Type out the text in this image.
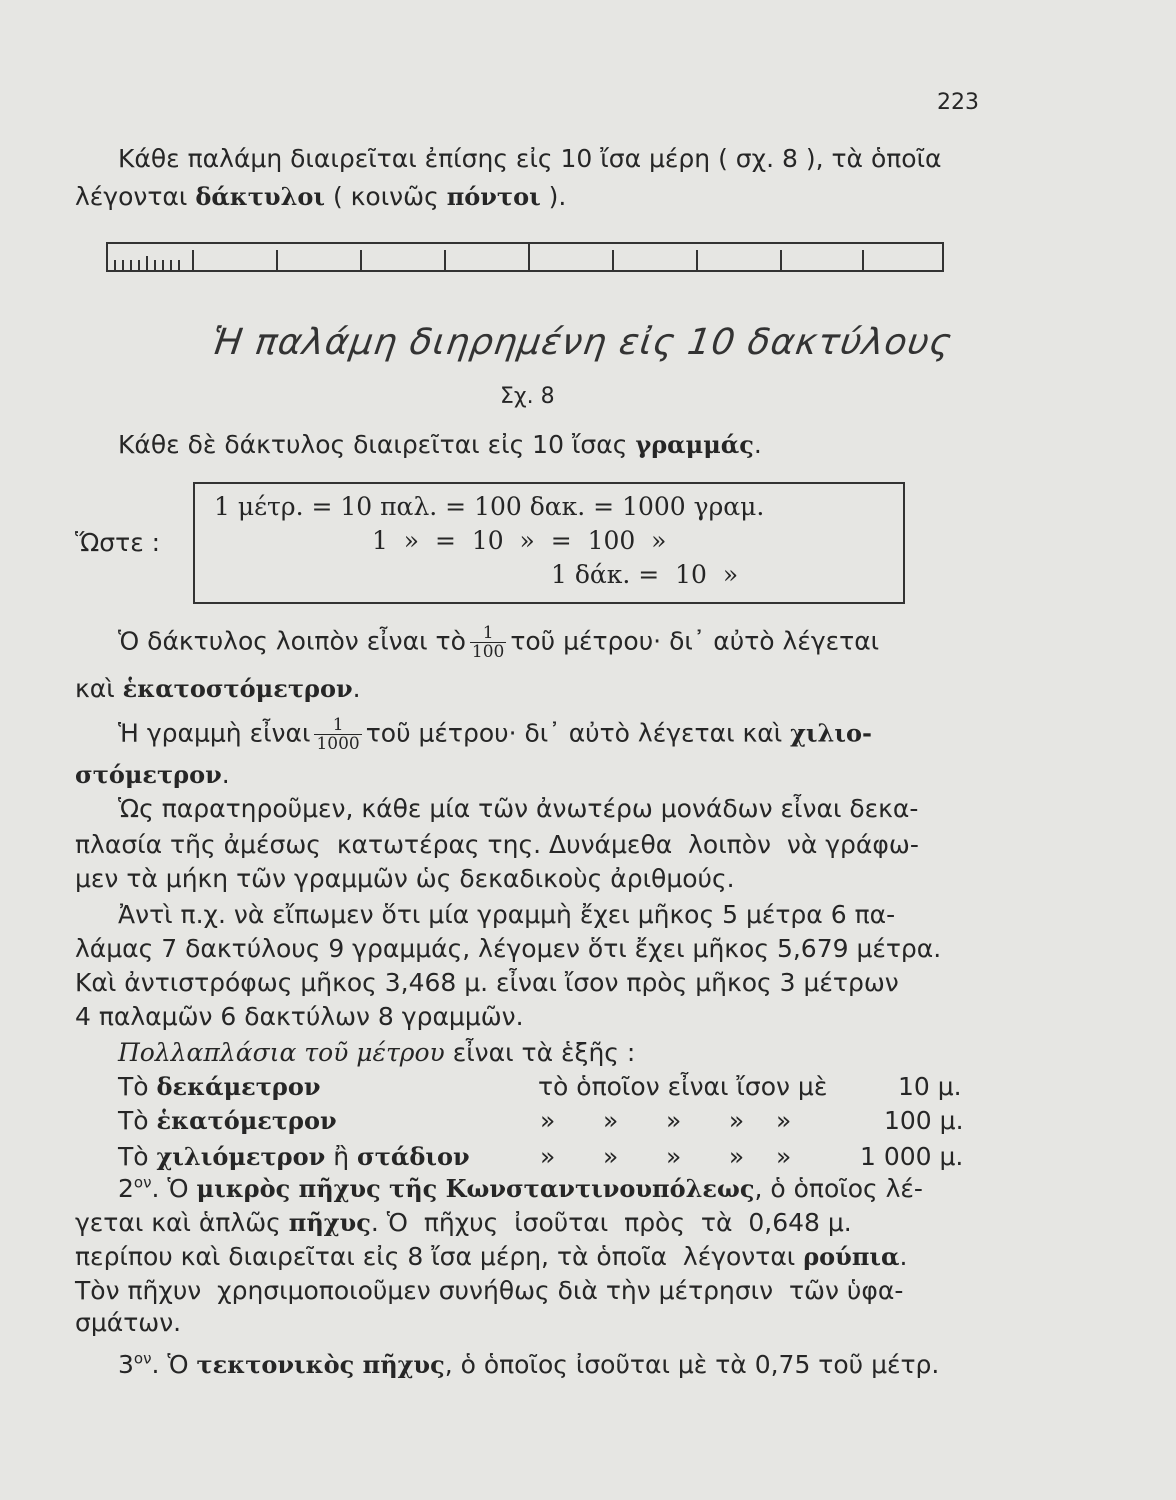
223
Κάθε παλάμη διαιρεῖται ἐπίσης εἰς 10 ἴσα μέρη ( σχ. 8 ), τὰ ὁποῖα
λέγονται δάκτυλοι ( κοινῶς πόντοι ).
Ἡ παλάμη διηρημένη εἰς 10 δακτύλους
Σχ. 8
Κάθε δὲ δάκτυλος διαιρεῖται εἰς 10 ἴσας γραμμάς.
Ὥστε :
1 μέτρ. = 10 παλ. = 100 δακ. = 1000 γραμ.
1  »  =  10  »  =  100  »
1 δάκ. =  10  »
Ὁ δάκτυλος λοιπὸν εἶναι τὸ $\frac{1}{100}$ τοῦ μέτρου· δι᾽ αὐτὸ λέγεται
καὶ ἑκατοστόμετρον.
Ἡ γραμμὴ εἶναι $\frac{1}{1000}$ τοῦ μέτρου· δι᾽ αὐτὸ λέγεται καὶ χιλιο-
στόμετρον.
Ὡς παρατηροῦμεν, κάθε μία τῶν ἀνωτέρω μονάδων εἶναι δεκα-
πλασία τῆς ἀμέσως  κατωτέρας της. Δυνάμεθα  λοιπὸν  νὰ γράφω-
μεν τὰ μήκη τῶν γραμμῶν ὡς δεκαδικοὺς ἀριθμούς.
Ἀντὶ π.χ. νὰ εἴπωμεν ὅτι μία γραμμὴ ἔχει μῆκος 5 μέτρα 6 πα-
λάμας 7 δακτύλους 9 γραμμάς, λέγομεν ὅτι ἔχει μῆκος 5,679 μέτρα.
Καὶ ἀντιστρόφως μῆκος 3,468 μ. εἶναι ἴσον πρὸς μῆκος 3 μέτρων
4 παλαμῶν 6 δακτύλων 8 γραμμῶν.
Πολλαπλάσια τοῦ μέτρου εἶναι τὰ ἑξῆς :
Τὸ δεκάμετρον	τὸ ὁποῖον εἶναι ἴσον μὲ	10 μ.
Τὸ ἑκατόμετρον	»      »      »      »    »	100 μ.
Τὸ χιλιόμετρον ἢ στάδιον	»      »      »      »    »	1 000 μ.
$2^{o\nu}$. Ὁ μικρὸς πῆχυς τῆς Κωνσταντινουπόλεως, ὁ ὁποῖος λέ-
γεται καὶ ἁπλῶς πῆχυς. Ὁ  πῆχυς  ἰσοῦται  πρὸς  τὰ  0,648 μ.
περίπου καὶ διαιρεῖται εἰς 8 ἴσα μέρη, τὰ ὁποῖα  λέγονται ρούπια.
Τὸν πῆχυν  χρησιμοποιοῦμεν συνήθως διὰ τὴν μέτρησιν  τῶν ὑφα-
σμάτων.
$3^{o\nu}$. Ὁ τεκτονικὸς πῆχυς, ὁ ὁποῖος ἰσοῦται μὲ τὰ 0,75 τοῦ μέτρ.
